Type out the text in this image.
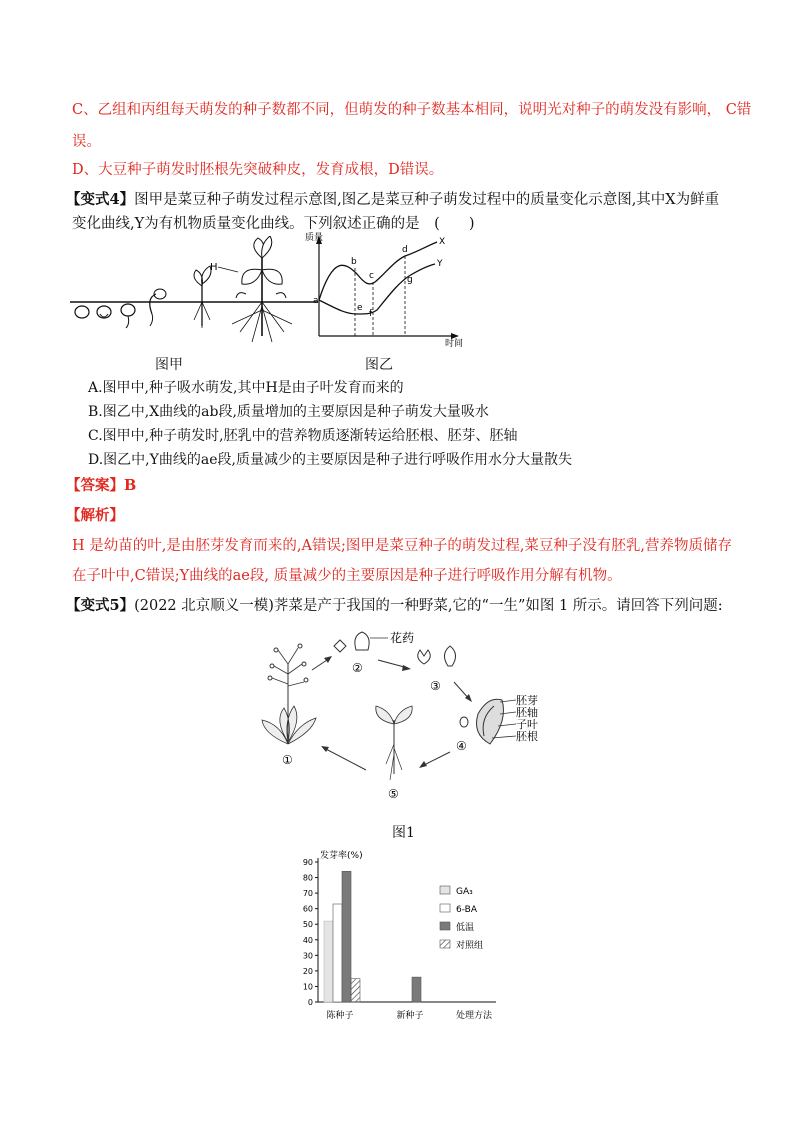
C、乙组和丙组每天萌发的种子数都不同，但萌发的种子数基本相同，说明光对种子的萌发没有影响， C错
误。
D、大豆种子萌发时胚根先突破种皮，发育成根，D错误。
【变式4】图甲是菜豆种子萌发过程示意图,图乙是菜豆种子萌发过程中的质量变化示意图,其中X为鲜重
变化曲线,Y为有机物质量变化曲线。下列叙述正确的是　(　　)
H
图甲
质量
时间
a
b
c
d
e
f
g
X
Y
图乙
A.图甲中,种子吸水萌发,其中H是由子叶发育而来的
B.图乙中,X曲线的ab段,质量增加的主要原因是种子萌发大量吸水
C.图甲中,种子萌发时,胚乳中的营养物质逐渐转运给胚根、胚芽、胚轴
D.图乙中,Y曲线的ae段,质量减少的主要原因是种子进行呼吸作用水分大量散失
【答案】B
【解析】
H 是幼苗的叶,是由胚芽发育而来的,A错误;图甲是菜豆种子的萌发过程,菜豆种子没有胚乳,营养物质储存
在子叶中,C错误;Y曲线的ae段, 质量减少的主要原因是种子进行呼吸作用分解有机物。
【变式5】(2022 北京顺义一模)荠菜是产于我国的一种野菜,它的“一生”如图 1 所示。请回答下列问题:
①
花药
②
③
胚芽
胚轴
子叶
胚根
④
⑤
图1
发芽率(%)
0
10
20
30
40
50
60
70
80
90
陈种子	新种子
GA₃
6-BA
低温
对照组
处理方法
